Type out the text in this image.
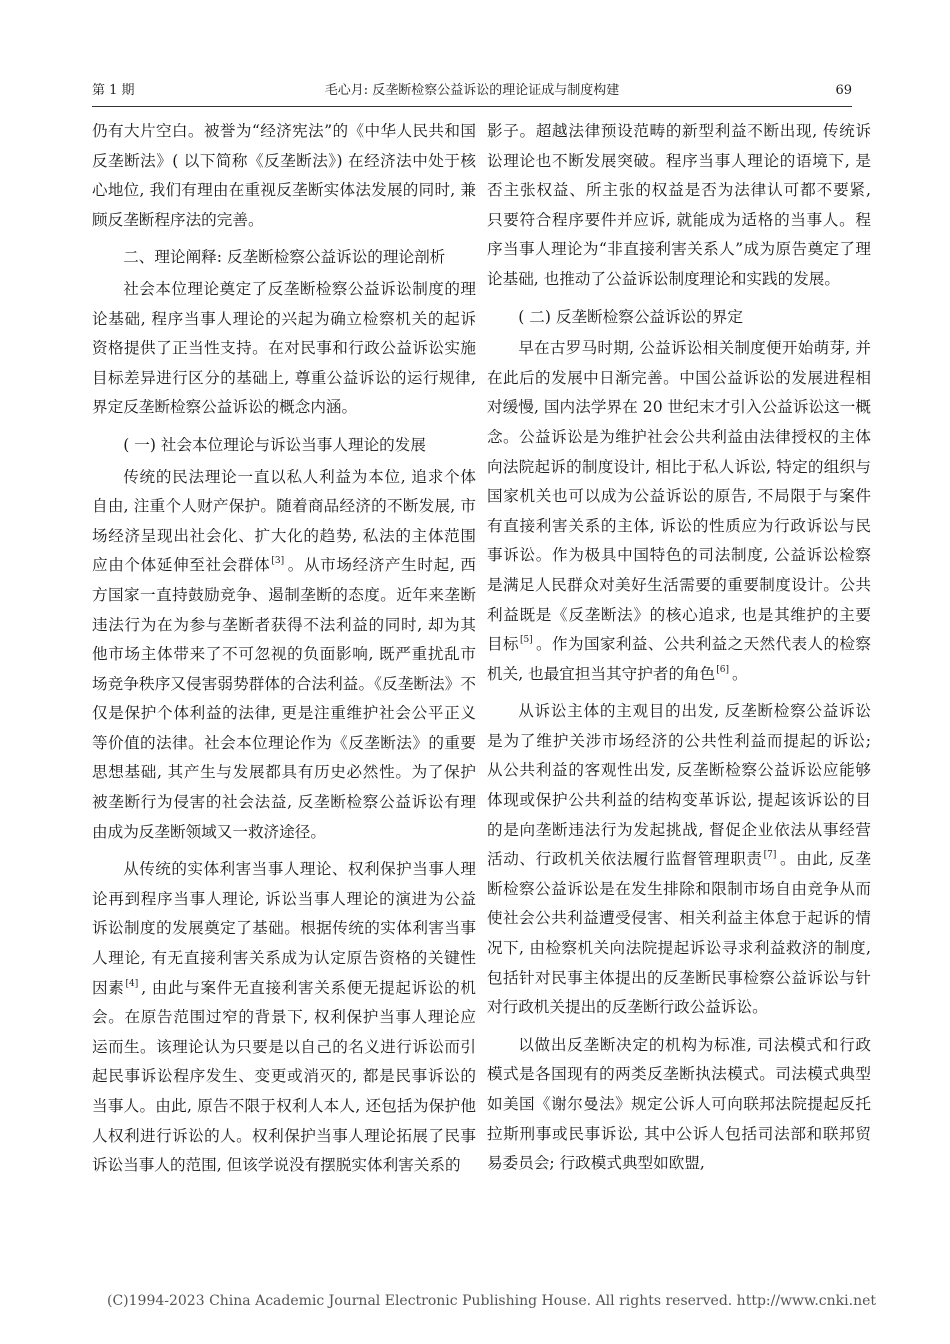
第 1 期	毛心月: 反垄断检察公益诉讼的理论证成与制度构建	69

仍有大片空白。被誉为“经济宪法”的《中华人民共和国反垄断法》( 以下简称《反垄断法》) 在经济法中处于核心地位, 我们有理由在重视反垄断实体法发展的同时, 兼顾反垄断程序法的完善。

二、理论阐释: 反垄断检察公益诉讼的理论剖析

社会本位理论奠定了反垄断检察公益诉讼制度的理论基础, 程序当事人理论的兴起为确立检察机关的起诉资格提供了正当性支持。在对民事和行政公益诉讼实施目标差异进行区分的基础上, 尊重公益诉讼的运行规律, 界定反垄断检察公益诉讼的概念内涵。

( 一) 社会本位理论与诉讼当事人理论的发展

传统的民法理论一直以私人利益为本位, 追求个体自由, 注重个人财产保护。随着商品经济的不断发展, 市场经济呈现出社会化、扩大化的趋势, 私法的主体范围应由个体延伸至社会群体[3] 。从市场经济产生时起, 西方国家一直持鼓励竞争、遏制垄断的态度。近年来垄断违法行为在为参与垄断者获得不法利益的同时, 却为其他市场主体带来了不可忽视的负面影响, 既严重扰乱市场竞争秩序又侵害弱势群体的合法利益。《反垄断法》不仅是保护个体利益的法律, 更是注重维护社会公平正义等价值的法律。社会本位理论作为《反垄断法》的重要思想基础, 其产生与发展都具有历史必然性。为了保护被垄断行为侵害的社会法益, 反垄断检察公益诉讼有理由成为反垄断领域又一救济途径。

从传统的实体利害当事人理论、权利保护当事人理论再到程序当事人理论, 诉讼当事人理论的演进为公益诉讼制度的发展奠定了基础。根据传统的实体利害当事人理论, 有无直接利害关系成为认定原告资格的关键性因素[4] , 由此与案件无直接利害关系便无提起诉讼的机会。在原告范围过窄的背景下, 权利保护当事人理论应运而生。该理论认为只要是以自己的名义进行诉讼而引起民事诉讼程序发生、变更或消灭的, 都是民事诉讼的当事人。由此, 原告不限于权利人本人, 还包括为保护他人权利进行诉讼的人。权利保护当事人理论拓展了民事诉讼当事人的范围, 但该学说没有摆脱实体利害关系的

影子。超越法律预设范畴的新型利益不断出现, 传统诉讼理论也不断发展突破。程序当事人理论的语境下, 是否主张权益、所主张的权益是否为法律认可都不要紧, 只要符合程序要件并应诉, 就能成为适格的当事人。程序当事人理论为“非直接利害关系人”成为原告奠定了理论基础, 也推动了公益诉讼制度理论和实践的发展。

( 二) 反垄断检察公益诉讼的界定

早在古罗马时期, 公益诉讼相关制度便开始萌芽, 并在此后的发展中日渐完善。中国公益诉讼的发展进程相对缓慢, 国内法学界在 20 世纪末才引入公益诉讼这一概念。公益诉讼是为维护社会公共利益由法律授权的主体向法院起诉的制度设计, 相比于私人诉讼, 特定的组织与国家机关也可以成为公益诉讼的原告, 不局限于与案件有直接利害关系的主体, 诉讼的性质应为行政诉讼与民事诉讼。作为极具中国特色的司法制度, 公益诉讼检察是满足人民群众对美好生活需要的重要制度设计。公共利益既是《反垄断法》的核心追求, 也是其维护的主要目标[5] 。作为国家利益、公共利益之天然代表人的检察机关, 也最宜担当其守护者的角色[6] 。

从诉讼主体的主观目的出发, 反垄断检察公益诉讼是为了维护关涉市场经济的公共性利益而提起的诉讼; 从公共利益的客观性出发, 反垄断检察公益诉讼应能够体现或保护公共利益的结构变革诉讼, 提起该诉讼的目的是向垄断违法行为发起挑战, 督促企业依法从事经营活动、行政机关依法履行监督管理职责[7] 。由此, 反垄断检察公益诉讼是在发生排除和限制市场自由竞争从而使社会公共利益遭受侵害、相关利益主体怠于起诉的情况下, 由检察机关向法院提起诉讼寻求利益救济的制度, 包括针对民事主体提出的反垄断民事检察公益诉讼与针对行政机关提出的反垄断行政公益诉讼。

以做出反垄断决定的机构为标准, 司法模式和行政模式是各国现有的两类反垄断执法模式。司法模式典型如美国《谢尔曼法》规定公诉人可向联邦法院提起反托拉斯刑事或民事诉讼, 其中公诉人包括司法部和联邦贸易委员会; 行政模式典型如欧盟,

(C)1994-2023 China Academic Journal Electronic Publishing House. All rights reserved. http://www.cnki.net
